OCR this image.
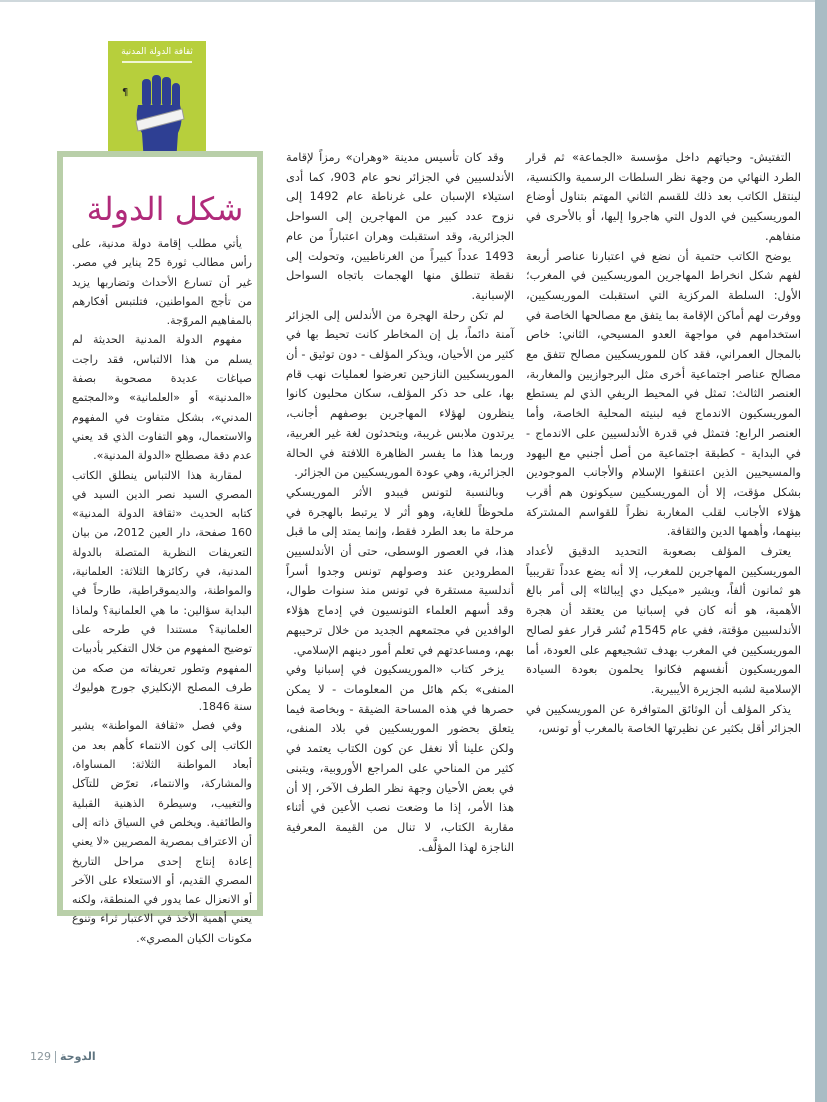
ثقافة الدولة المدنية
¶
شكل الدولة

يأتي مطلب إقامة دولة مدنية، على رأس مطالب ثورة 25 يناير في مصر. غير أن تسارع الأحداث وتضاربها يزيد من تأجج المواطنين، فتلتبس أفكارهم بالمفاهيم المروّجة.

مفهوم الدولة المدنية الحديثة لم يسلم من هذا الالتباس، فقد راجت صياغات عديدة مصحوبة بصفة «المدنية» أو «العلمانية» و«المجتمع المدني»، بشكل متفاوت في المفهوم والاستعمال، وهو التفاوت الذي قد يعني عدم دقة مصطلح «الدولة المدنية».

لمقاربة هذا الالتباس ينطلق الكاتب المصري السيد نصر الدين السيد في كتابه الحديث «ثقافة الدولة المدنية» 160 صفحة، دار العين 2012، من بيان التعريفات النظرية المتصلة بالدولة المدنية، في ركائزها الثلاثة: العلمانية، والمواطنة، والديموقراطية، طارحاً في البداية سؤالين: ما هي العلمانية؟ ولماذا العلمانية؟ مستندا في طرحه على توضيح المفهوم من خلال التفكير بأدبيات المفهوم وتطور تعريفاته من صكه من طرف المصلح الإنكليزي جورج هوليوك سنة 1846.

وفي فصل «ثقافة المواطنة» يشير الكاتب إلى كون الانتماء كأهم بعد من أبعاد المواطنة الثلاثة: المساواة، والمشاركة، والانتماء، تعرّض للتآكل والتغييب، وسيطرة الذهنية القبلية والطائفية. ويخلص في السياق ذاته إلى أن الاعتراف بمصرية المصريين «لا يعني إعادة إنتاج إحدى مراحل التاريخ المصري القديم، أو الاستعلاء على الآخر أو الانعزال عما يدور في المنطقة، ولكنه يعني أهمية الأخذ في الاعتبار ثراء وتنوع مكونات الكيان المصري».

وقد كان تأسيس مدينة «وهران» رمزاً لإقامة الأندلسيين في الجزائر نحو عام 903، كما أدى استيلاء الإسبان على غرناطة عام 1492 إلى نزوح عدد كبير من المهاجرين إلى السواحل الجزائرية، وقد استقبلت وهران اعتباراً من عام 1493 عدداً كبيراً من الغرناطيين، وتحولت إلى نقطة تنطلق منها الهجمات باتجاه السواحل الإسبانية.

لم تكن رحلة الهجرة من الأندلس إلى الجزائر آمنة دائماً، بل إن المخاطر كانت تحيط بها في كثير من الأحيان، ويذكر المؤلف - دون توثيق - أن الموريسكيين النازحين تعرضوا لعمليات نهب قام بها، على حد ذكر المؤلف، سكان محليون كانوا ينظرون لهؤلاء المهاجرين بوصفهم أجانب، يرتدون ملابس غريبة، ويتحدثون لغة غير العربية، وربما هذا ما يفسر الظاهرة اللافتة في الحالة الجزائرية، وهي عودة الموريسكيين من الجزائر.

وبالنسبة لتونس فيبدو الأثر الموريسكي ملحوظاً للغاية، وهو أثر لا يرتبط بالهجرة في مرحلة ما بعد الطرد فقط، وإنما يمتد إلى ما قبل هذا، في العصور الوسطى، حتى أن الأندلسيين المطرودين عند وصولهم تونس وجدوا أسراً أندلسية مستقرة في تونس منذ سنوات طوال، وقد أسهم العلماء التونسيون في إدماج هؤلاء الوافدين في مجتمعهم الجديد من خلال ترحيبهم بهم، ومساعدتهم في تعلم أمور دينهم الإسلامي.

يزخر كتاب «الموريسكيون في إسبانيا وفي المنفى» بكم هائل من المعلومات - لا يمكن حصرها في هذه المساحة الضيقة - وبخاصة فيما يتعلق بحضور الموريسكيين في بلاد المنفى، ولكن علينا ألا نغفل عن كون الكتاب يعتمد في كثير من المناحي على المراجع الأوروبية، ويتبنى في بعض الأحيان وجهة نظر الطرف الآخر، إلا أن هذا الأمر، إذا ما وضعت نصب الأعين في أثناء مقاربة الكتاب، لا تنال من القيمة المعرفية الناجزة لهذا المؤلَّف.

التفتيش- وحياتهم داخل مؤسسة «الجماعة» ثم قرار الطرد النهائي من وجهة نظر السلطات الرسمية والكنسية، لينتقل الكاتب بعد ذلك للقسم الثاني المهتم بتناول أوضاع الموريسكيين في الدول التي هاجروا إليها، أو بالأحرى في منفاهم.

يوضح الكاتب حتمية أن نضع في اعتبارنا عناصر أربعة لفهم شكل انخراط المهاجرين الموريسكيين في المغرب؛ الأول: السلطة المركزية التي استقبلت الموريسكيين، ووفرت لهم أماكن الإقامة بما يتفق مع مصالحها الخاصة في استخدامهم في مواجهة العدو المسيحي، الثاني: خاص بالمجال العمراني، فقد كان للموريسكيين مصالح تتفق مع مصالح عناصر اجتماعية أخرى مثل البرجوازيين والمغاربة، العنصر الثالث: تمثل في المحيط الريفي الذي لم يستطع الموريسكيون الاندماج فيه لبنيته المحلية الخاصة، وأما العنصر الرابع: فتمثل في قدرة الأندلسيين على الاندماج - في البداية - كطبقة اجتماعية من أصل أجنبي مع اليهود والمسيحيين الذين اعتنقوا الإسلام والأجانب الموجودين بشكل مؤقت، إلا أن الموريسكيين سيكونون هم أقرب هؤلاء الأجانب لقلب المغاربة نظراً للقواسم المشتركة بينهما، وأهمها الدين والثقافة.

يعترف المؤلف بصعوبة التحديد الدقيق لأعداد الموريسكيين المهاجرين للمغرب، إلا أنه يضع عدداً تقريبياً هو ثمانون ألفاً، ويشير «ميكيل دي إيبالثا» إلى أمر بالغ الأهمية، هو أنه كان في إسبانيا من يعتقد أن هجرة الأندلسيين مؤقتة، ففي عام 1545م نُشر قرار عفو لصالح الموريسكيين في المغرب بهدف تشجيعهم على العودة، أما الموريسكيون أنفسهم فكانوا يحلمون بعودة السيادة الإسلامية لشبه الجزيرة الأيبيرية.

يذكر المؤلف أن الوثائق المتوافرة عن الموريسكيين في الجزائر أقل بكثير عن نظيرتها الخاصة بالمغرب أو تونس،

129 الدوحة
